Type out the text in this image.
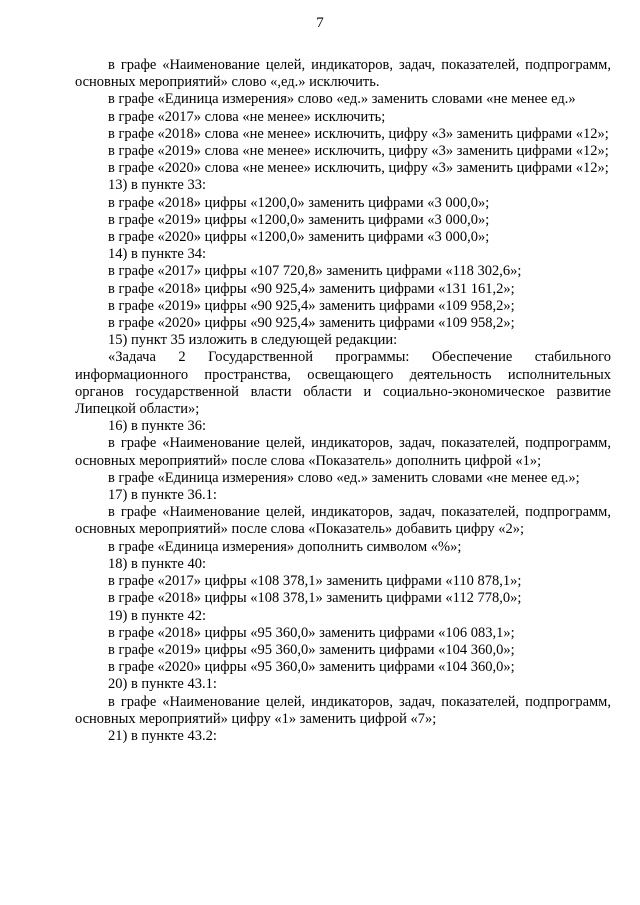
7

в графе «Наименование целей, индикаторов, задач, показателей, подпрограмм, основных мероприятий» слово «,ед.» исключить.

в графе «Единица измерения» слово «ед.» заменить словами «не менее ед.»

в графе «2017» слова «не менее» исключить;

в графе «2018» слова «не менее» исключить, цифру «3» заменить цифрами «12»;

в графе «2019» слова «не менее» исключить, цифру «3» заменить цифрами «12»;

в графе «2020» слова «не менее» исключить, цифру «3» заменить цифрами «12»;

13) в пункте 33:

в графе «2018» цифры «1200,0» заменить цифрами «3 000,0»;

в графе «2019» цифры «1200,0» заменить цифрами «3 000,0»;

в графе «2020» цифры «1200,0» заменить цифрами «3 000,0»;

14) в пункте 34:

в графе «2017» цифры «107 720,8» заменить цифрами «118 302,6»;

в графе «2018» цифры «90 925,4» заменить цифрами «131 161,2»;

в графе «2019» цифры «90 925,4» заменить цифрами «109 958,2»;

в графе «2020» цифры «90 925,4» заменить цифрами «109 958,2»;

15) пункт 35 изложить в следующей редакции:

«Задача 2 Государственной программы: Обеспечение стабильного информационного пространства, освещающего деятельность исполнительных органов государственной власти области и социально-экономическое развитие Липецкой области»;

16) в пункте 36:

в графе «Наименование целей, индикаторов, задач, показателей, подпрограмм, основных мероприятий» после слова «Показатель» дополнить цифрой «1»;

в графе «Единица измерения» слово «ед.» заменить словами «не менее ед.»;

17) в пункте 36.1:

в графе «Наименование целей, индикаторов, задач, показателей, подпрограмм, основных мероприятий» после слова «Показатель» добавить цифру «2»;

в графе «Единица измерения» дополнить символом «%»;

18) в пункте 40:

в графе «2017» цифры «108 378,1» заменить цифрами «110 878,1»;

в графе «2018» цифры «108 378,1» заменить цифрами «112 778,0»;

19) в пункте 42:

в графе «2018» цифры «95 360,0» заменить цифрами «106 083,1»;

в графе «2019» цифры «95 360,0» заменить цифрами «104 360,0»;

в графе «2020» цифры «95 360,0» заменить цифрами «104 360,0»;

20) в пункте 43.1:

в графе «Наименование целей, индикаторов, задач, показателей, подпрограмм, основных мероприятий» цифру «1» заменить цифрой «7»;

21) в пункте 43.2:
